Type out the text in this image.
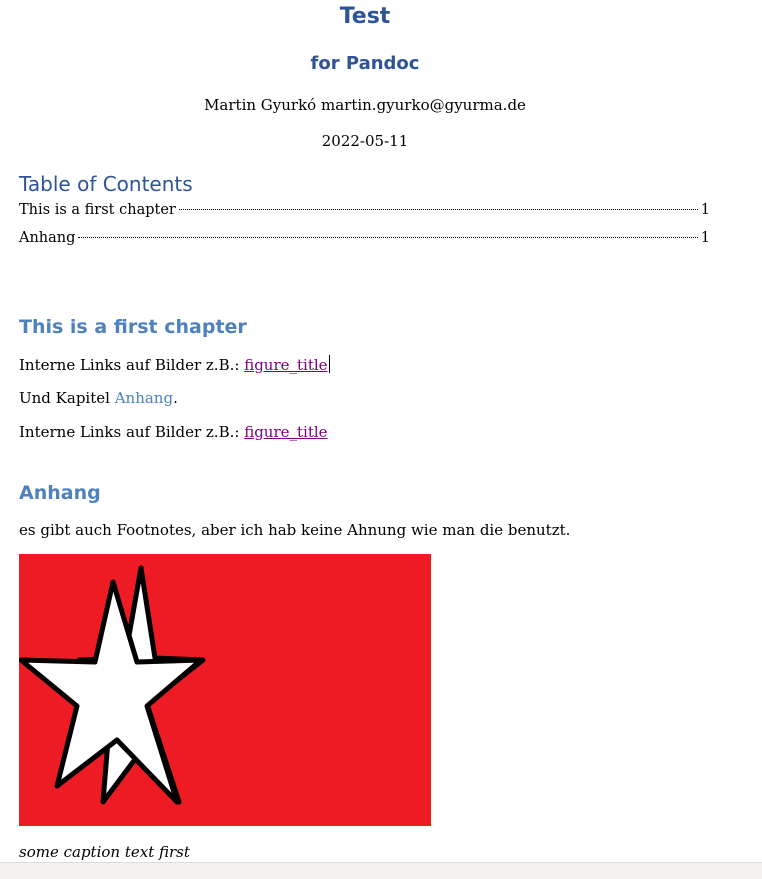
Test
for Pandoc
Martin Gyurkó martin.gyurko@gyurma.de
2022-05-11
Table of Contents
This is a first chapter	1
Anhang	1
This is a first chapter
Interne Links auf Bilder z.B.: figure_title
Und Kapitel Anhang.
Interne Links auf Bilder z.B.: figure_title
Anhang
es gibt auch Footnotes, aber ich hab keine Ahnung wie man die benutzt.
some caption text first
